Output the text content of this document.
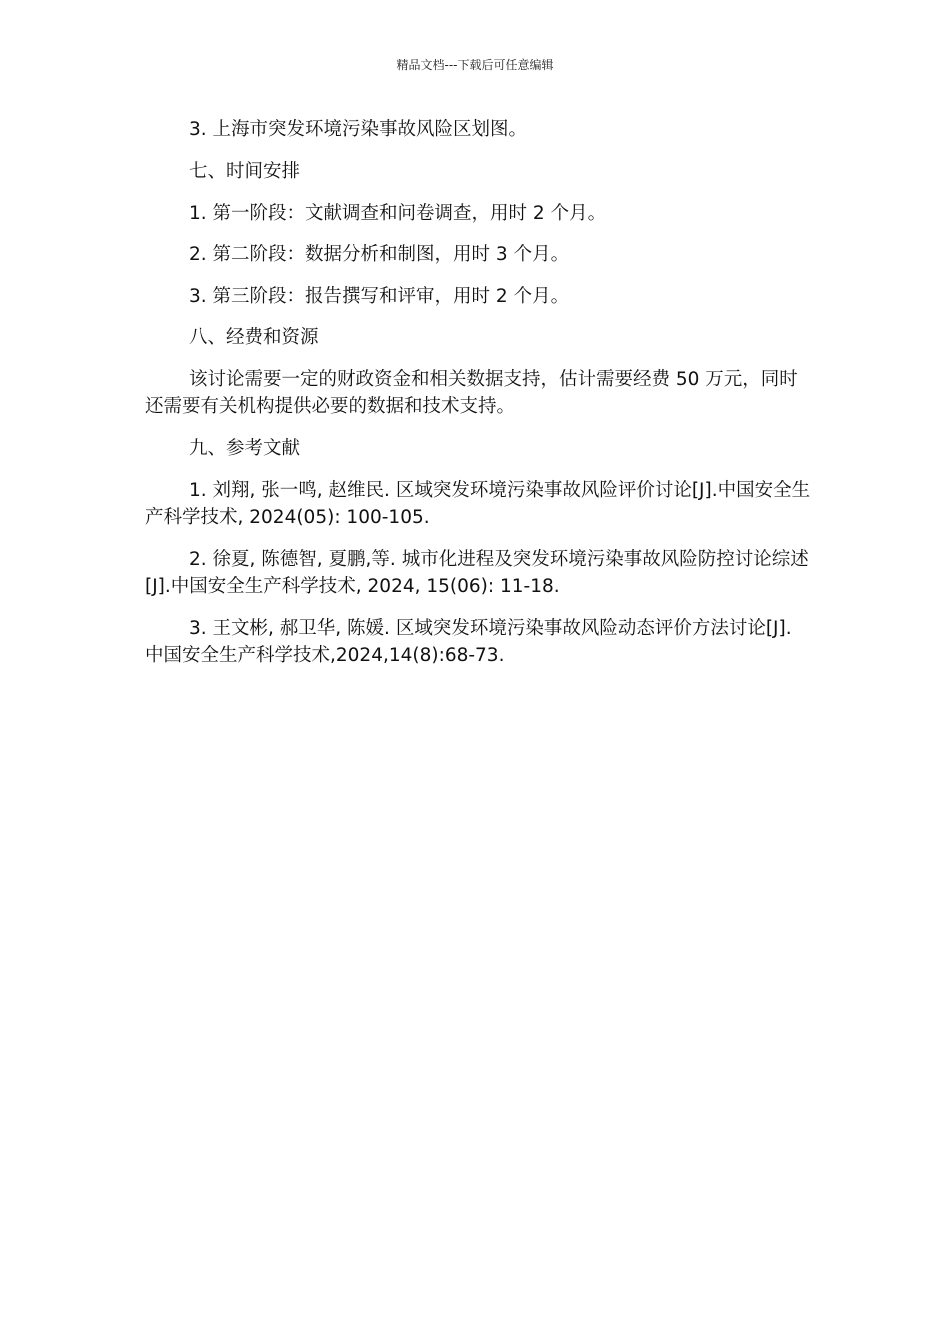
精品文档---下载后可任意编辑

3. 上海市突发环境污染事故风险区划图。

七、时间安排

1. 第一阶段：文献调查和问卷调查，用时 2 个月。

2. 第二阶段：数据分析和制图，用时 3 个月。

3. 第三阶段：报告撰写和评审，用时 2 个月。

八、经费和资源

该讨论需要一定的财政资金和相关数据支持，估计需要经费 50 万元，同时还需要有关机构提供必要的数据和技术支持。

九、参考文献

1. 刘翔, 张一鸣, 赵维民. 区域突发环境污染事故风险评价讨论[J].中国安全生产科学技术, 2024(05): 100-105.

2. 徐夏, 陈德智, 夏鹏,等. 城市化进程及突发环境污染事故风险防控讨论综述[J].中国安全生产科学技术, 2024, 15(06): 11-18.

3. 王文彬, 郝卫华, 陈媛. 区域突发环境污染事故风险动态评价方法讨论[J]. 中国安全生产科学技术,2024,14(8):68-73.
